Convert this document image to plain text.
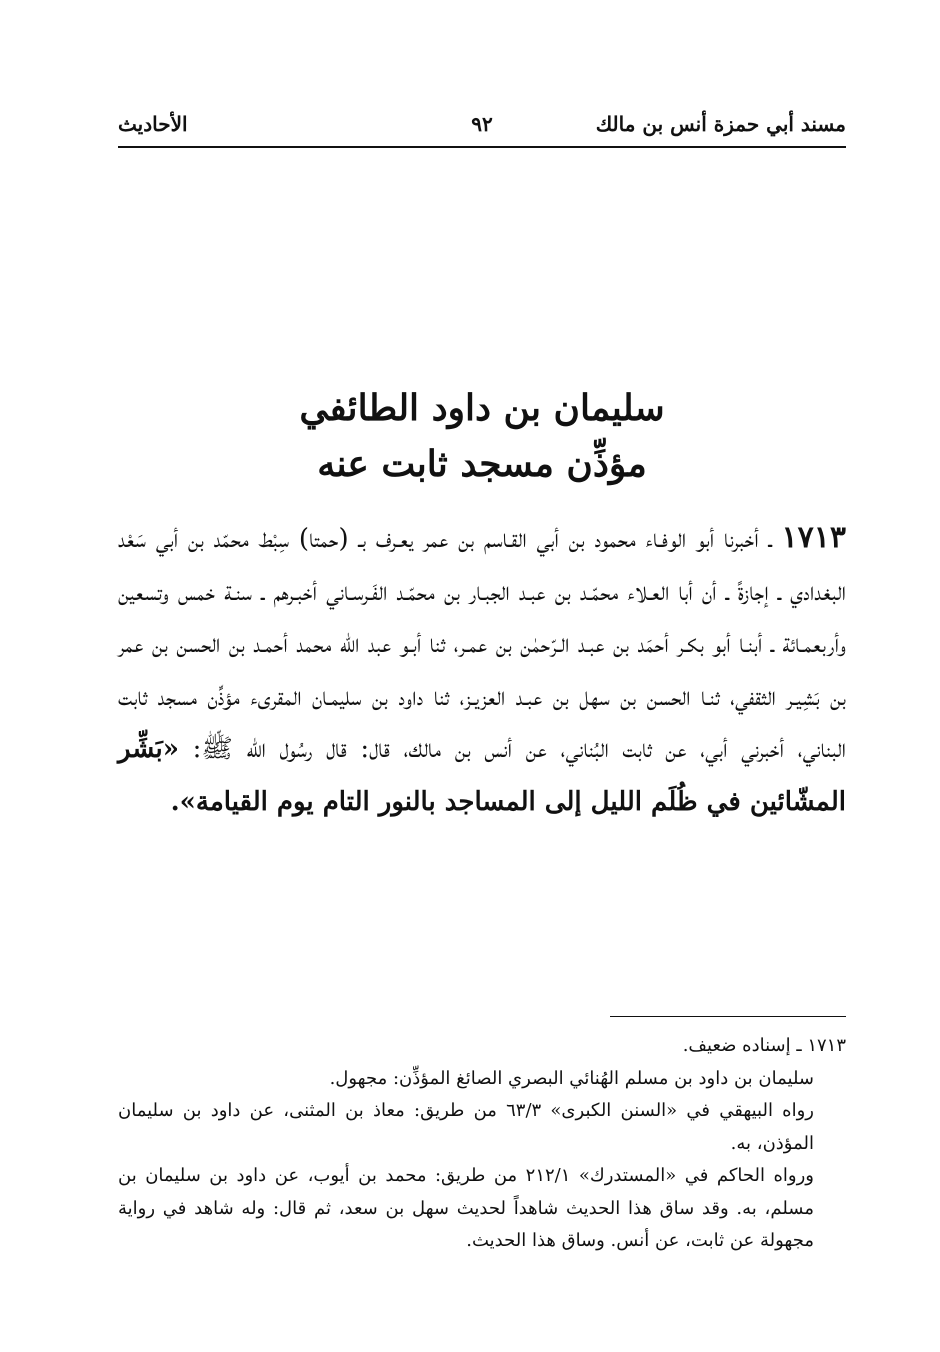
مسند أبي حمزة أنس بن مالك
٩٢
الأحاديث
سليمان بن داود الطائفي
مؤذِّن مسجد ثابت عنه
١٧١٣ ـ أخبرنا أبو الوفـاء محمود بن أبي القـاسم بن عمر يعـرف بـ (حمتا) سِبْط محمّد بن أبي سَعْد البغدادي ـ إجازةً ـ أن أبا العـلاء محمّـد بن عبـد الجبـار بن محمّـد الفَـرسـاني أخبـرهم ـ سنـة خمس وتسعين وأربعمـائة ـ أبنـا أبو بكـر أحمَد بن عبـد الـرّحمٰن بن عمـر، ثنا أبـو عبد الله محمد أحمـد بن الحسن بن عمر بن بَشِيـر الثقفي، ثنـا الحسن بن سهل بن عبـد العزيـز، ثنا داود بن سليمـان المقرىء مؤذِّن مسجد ثابت البناني، أخبرني أبي، عن ثابت البُناني، عن أنس بن مالك، قال: قال رسُول الله ﷺ: «بَشِّر المشّائين في ظُلَم الليل إلى المساجد بالنور التام يوم القيامة».

١٧١٣ ـ إسناده ضعيف.

سليمان بن داود بن مسلم الهُنائي البصري الصائغ المؤذِّن: مجهول.

رواه البيهقي في «السنن الكبرى» ٦٣/٣ من طريق: معاذ بن المثنى، عن داود بن سليمان المؤذن، به.

ورواه الحاكم في «المستدرك» ٢١٢/١ من طريق: محمد بن أيوب، عن داود بن سليمان بن مسلم، به. وقد ساق هذا الحديث شاهداً لحديث سهل بن سعد، ثم قال: وله شاهد في رواية مجهولة عن ثابت، عن أنس. وساق هذا الحديث.
